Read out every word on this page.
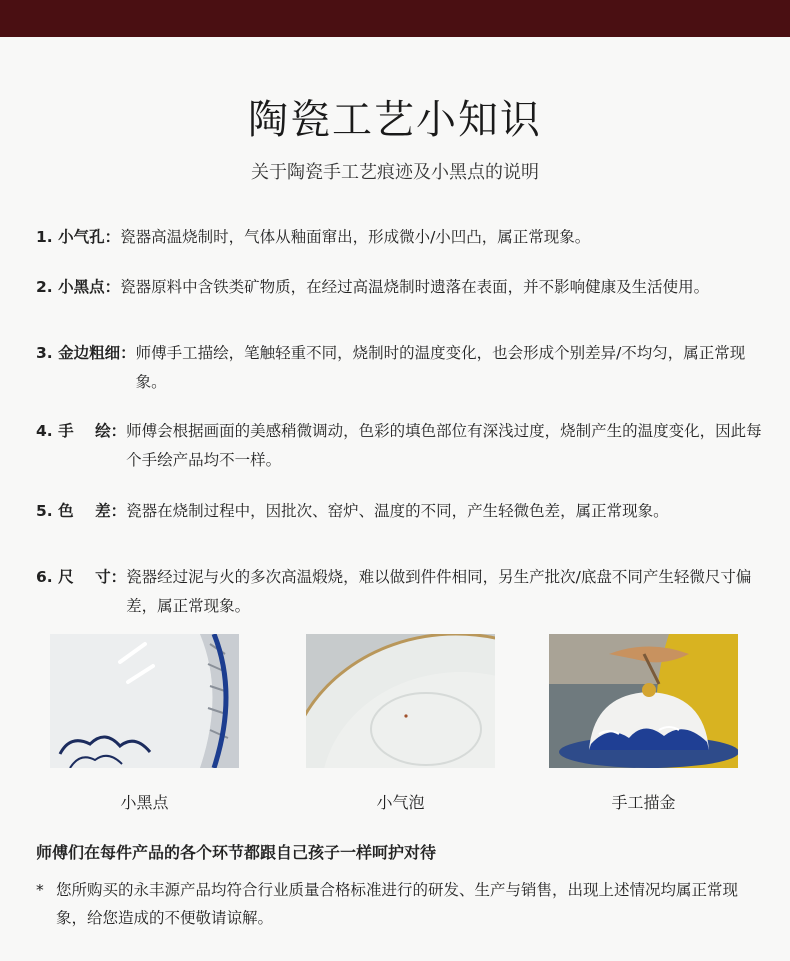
陶瓷工艺小知识
关于陶瓷手工艺痕迹及小黑点的说明
1. 小气孔： 瓷器高温烧制时，气体从釉面窜出，形成微小/小凹凸，属正常现象。
2. 小黑点： 瓷器原料中含铁类矿物质，在经过高温烧制时遗落在表面，并不影响健康及生活使用。
3. 金边粗细： 师傅手工描绘，笔触轻重不同，烧制时的温度变化，也会形成个别差异/不均匀，属正常现象。
4. 手    绘： 师傅会根据画面的美感稍微调动，色彩的填色部位有深浅过度，烧制产生的温度变化，因此每个手绘产品均不一样。
5. 色    差： 瓷器在烧制过程中，因批次、窑炉、温度的不同，产生轻微色差，属正常现象。
6. 尺    寸： 瓷器经过泥与火的多次高温煅烧，难以做到件件相同，另生产批次/底盘不同产生轻微尺寸偏差，属正常现象。
小黑点	小气泡	手工描金
师傅们在每件产品的各个环节都跟自己孩子一样呵护对待
* 您所购买的永丰源产品均符合行业质量合格标准进行的研发、生产与销售，出现上述情况均属正常现象，给您造成的不便敬请谅解。
